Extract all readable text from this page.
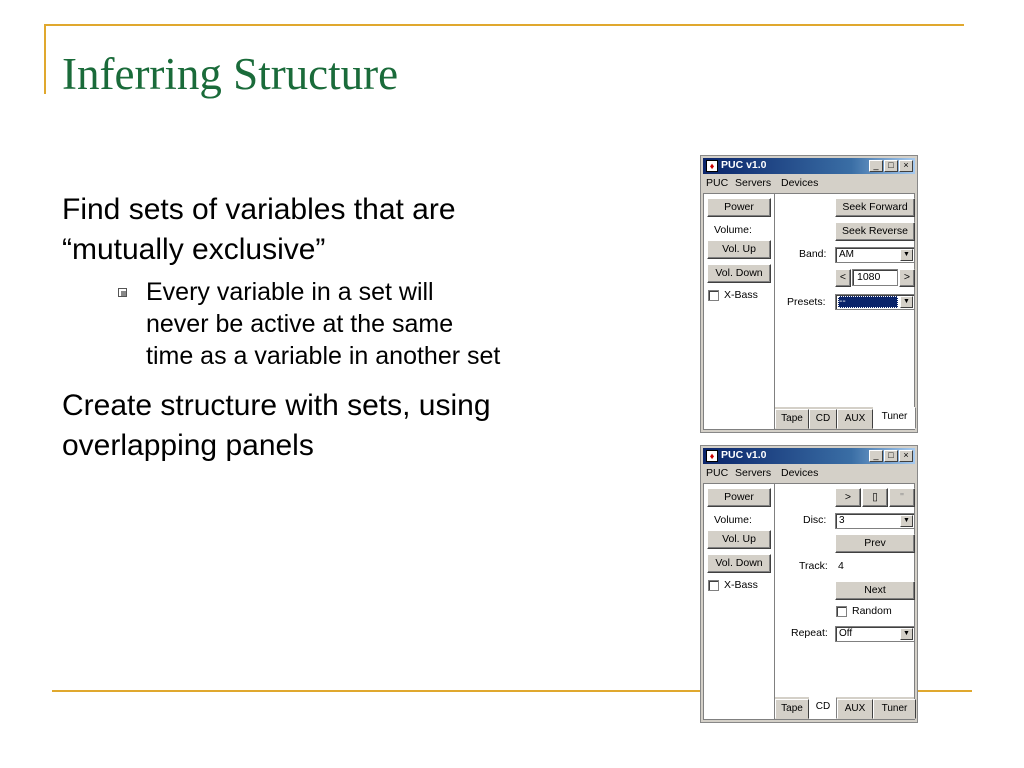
Inferring Structure

Find sets of variables that are
“mutually exclusive”

Every variable in a set will
never be active at the same
time as a variable in another set

Create structure with sets, using
overlapping panels

♦ PUC v1.0	_	□	×
PUC Servers Devices
Power
Volume:
Vol. Up
Vol. Down
X-Bass
Seek Forward
Seek Reverse
Band: AM	▼
<	1080	>
Presets: --	▼
Tape	CD	AUX	Tuner
♦ PUC v1.0	_	□	×
PUC Servers Devices
Power
Volume:
Vol. Up
Vol. Down
X-Bass
>	▯	"
Disc: 3	▼
Prev
Track: 4
Next
Random
Repeat: Off	▼
Tape	CD	AUX	Tuner
